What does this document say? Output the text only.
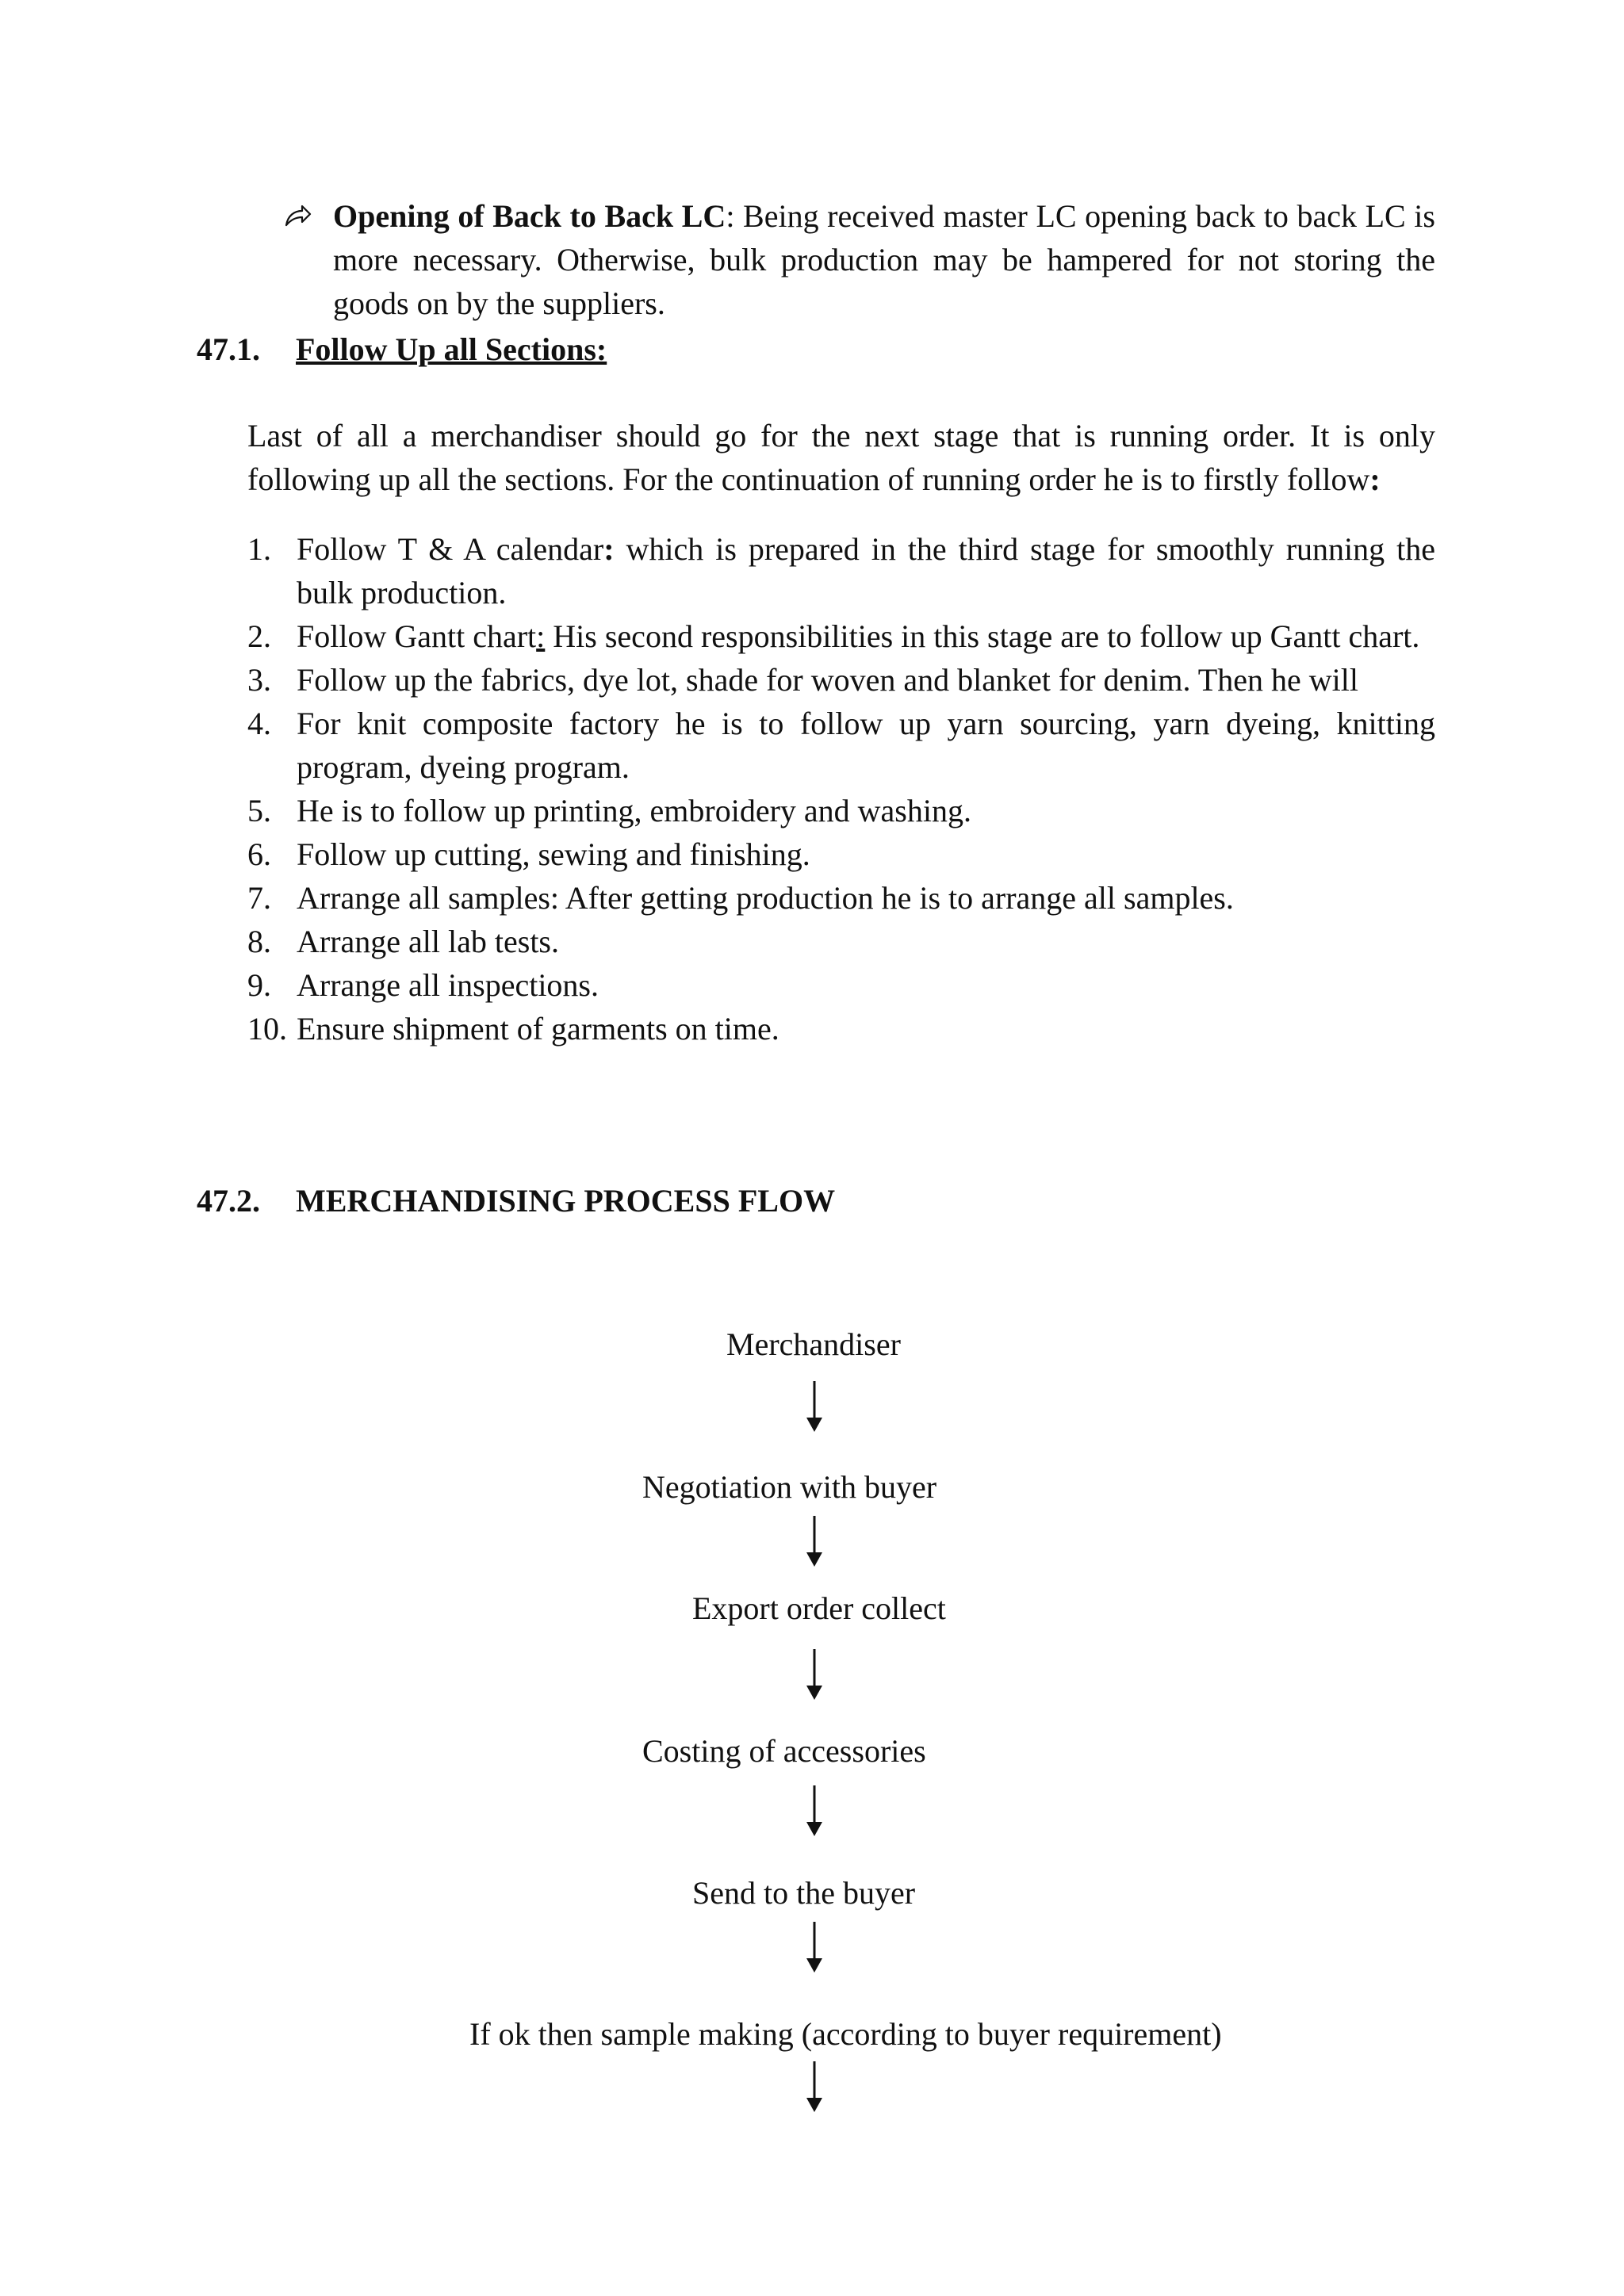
Opening of Back to Back LC: Being received master LC opening back to back LC is more necessary. Otherwise, bulk production may be hampered for not storing the goods on by the suppliers.
47.1. Follow Up all Sections:
Last of all a merchandiser should go for the next stage that is running order. It is only following up all the sections. For the continuation of running order he is to firstly follow:
1. Follow T & A calendar: which is prepared in the third stage for smoothly running the bulk production.
2. Follow Gantt chart: His second responsibilities in this stage are to follow up Gantt chart.
3. Follow up the fabrics, dye lot, shade for woven and blanket for denim. Then he will
4. For knit composite factory he is to follow up yarn sourcing, yarn dyeing, knitting program, dyeing program.
5. He is to follow up printing, embroidery and washing.
6. Follow up cutting, sewing and finishing.
7. Arrange all samples: After getting production he is to arrange all samples.
8. Arrange all lab tests.
9. Arrange all inspections.
10. Ensure shipment of garments on time.
47.2. MERCHANDISING PROCESS FLOW
Merchandiser
Negotiation with buyer
Export order collect
Costing of accessories
Send to the buyer
If ok then sample making (according to buyer requirement)
